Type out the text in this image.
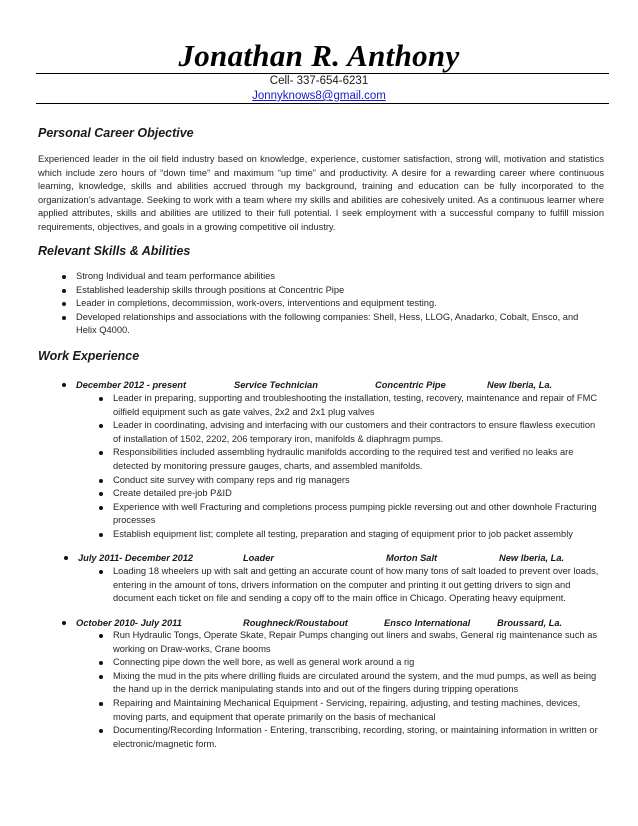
Jonathan R. Anthony
Cell- 337-654-6231
Jonnyknows8@gmail.com
Personal Career Objective
Experienced leader in the oil field industry based on knowledge, experience, customer satisfaction, strong will, motivation and statistics which include zero hours of “down time” and maximum “up time” and productivity. A desire for a rewarding career where continuous learning, knowledge, skills and abilities accrued through my background, training and education can be fully incorporated to the organization’s advantage. Seeking to work with a team where my skills and abilities are cohesively united. As a continuous learner where applied attributes, skills and abilities are utilized to their full potential. I seek employment with a successful company to fulfill mission requirements, objectives, and goals in a growing competitive oil industry.
Relevant Skills & Abilities
Strong Individual and team performance abilities
Established leadership skills through positions at Concentric Pipe
Leader in completions, decommission, work-overs, interventions and equipment testing.
Developed relationships and associations with the following companies: Shell, Hess, LLOG, Anadarko, Cobalt, Ensco, and Helix Q4000.
Work Experience
December 2012 - present	Service Technician	Concentric Pipe	New Iberia, La.
Leader in preparing, supporting and troubleshooting the installation, testing, recovery, maintenance and repair of FMC oilfield equipment such as gate valves, 2x2 and 2x1 plug valves
Leader in coordinating, advising and interfacing with our customers and their contractors to ensure flawless execution of installation of 1502, 2202, 206 temporary iron, manifolds & diaphragm pumps.
Responsibilities included assembling hydraulic manifolds according to the required test and verified no leaks are detected by monitoring pressure gauges, charts, and assembled manifolds.
Conduct site survey with company reps and rig managers
Create detailed pre-job P&ID
Experience with well Fracturing and completions process pumping pickle reversing out and other downhole Fracturing processes
Establish equipment list; complete all testing, preparation and staging of equipment prior to job packet assembly
July 2011- December 2012	Loader	Morton Salt	New Iberia, La.
Loading 18 wheelers up with salt and getting an accurate count of how many tons of salt loaded to prevent over loads, entering in the amount of tons, drivers information on the computer and printing it out getting drivers to sign and document each ticket on file and sending a copy off to the main office in Chicago. Operating heavy equipment.
October 2010- July 2011	Roughneck/Roustabout	Ensco International	Broussard, La.
Run Hydraulic Tongs, Operate Skate, Repair Pumps changing out liners and swabs, General rig maintenance such as working on Draw-works, Crane booms
Connecting pipe down the well bore, as well as general work around a rig
Mixing the mud in the pits where drilling fluids are circulated around the system, and the mud pumps, as well as being the hand up in the derrick manipulating stands into and out of the fingers during tripping operations
Repairing and Maintaining Mechanical Equipment - Servicing, repairing, adjusting, and testing machines, devices, moving parts, and equipment that operate primarily on the basis of mechanical
Documenting/Recording Information - Entering, transcribing, recording, storing, or maintaining information in written or electronic/magnetic form.
